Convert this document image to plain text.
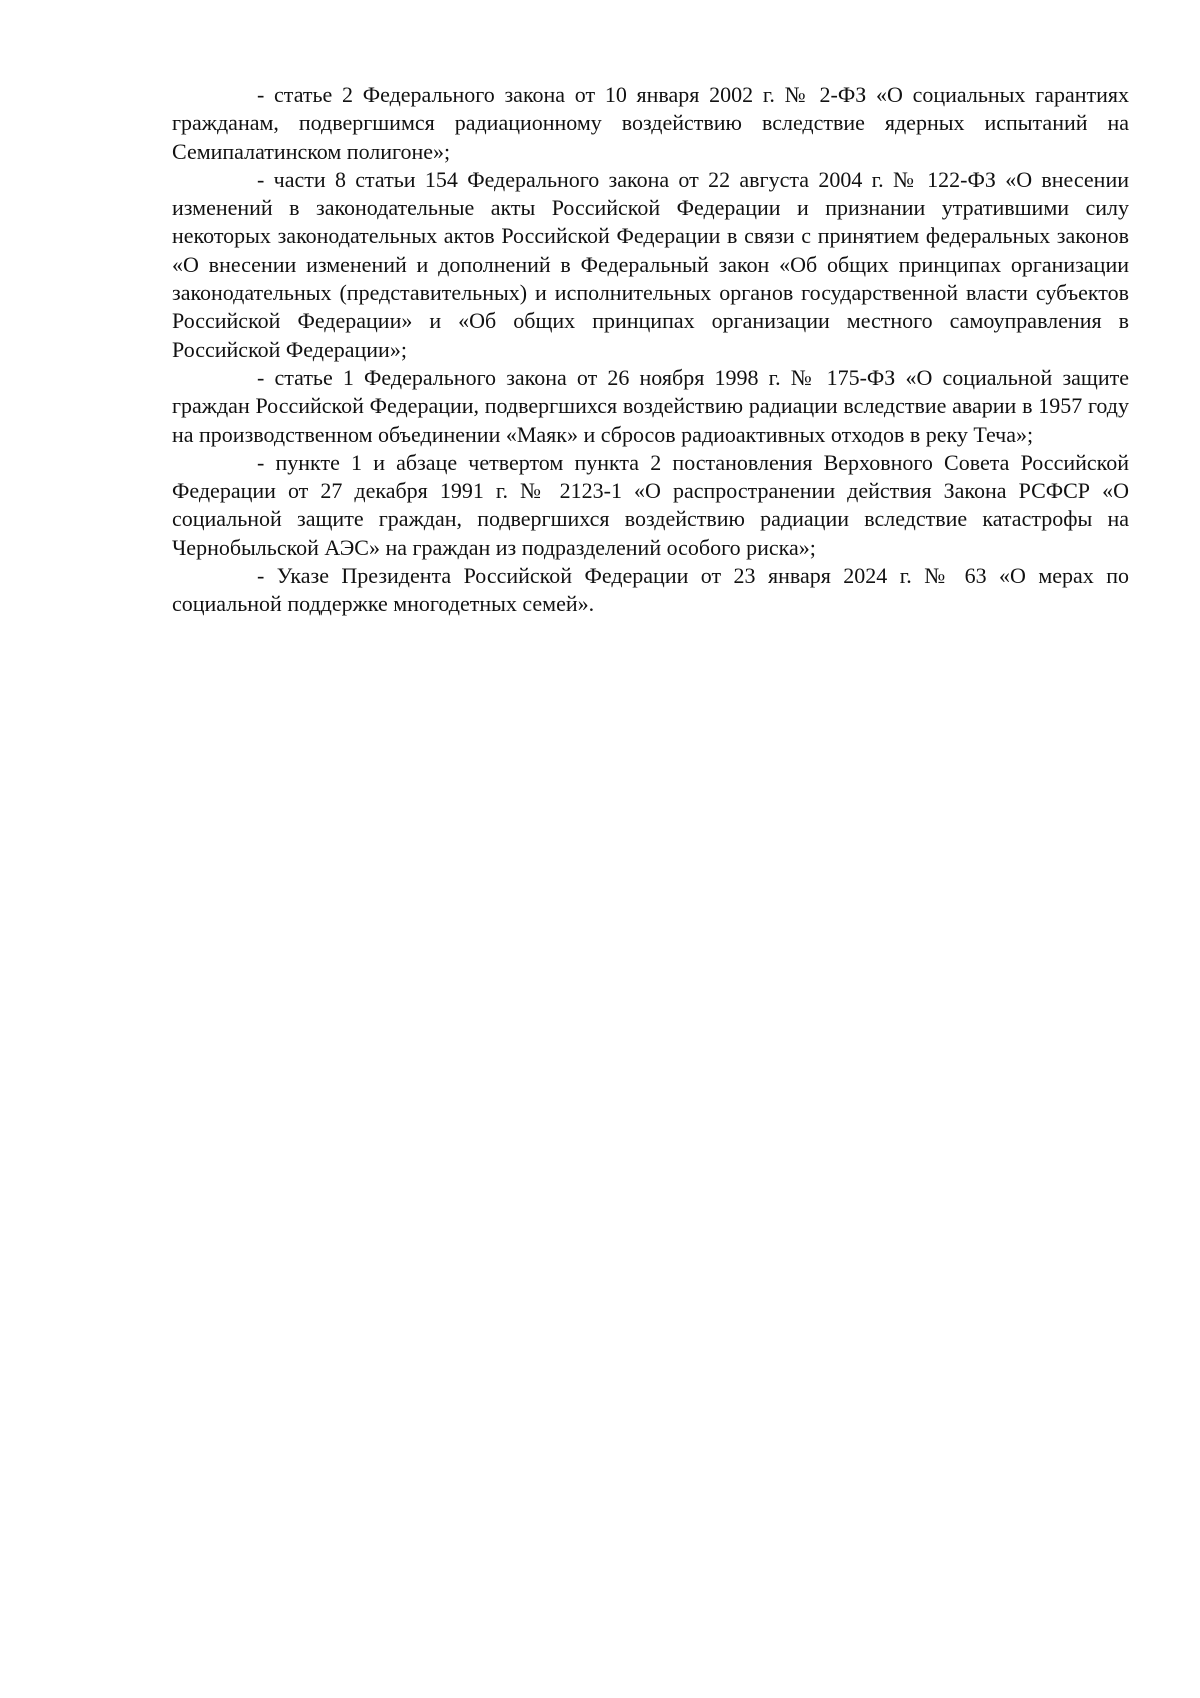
- статье 2 Федерального закона от 10 января 2002 г. № 2-ФЗ «О социальных гарантиях гражданам, подвергшимся радиационному воздействию вследствие ядерных испытаний на Семипалатинском полигоне»;

- части 8 статьи 154 Федерального закона от 22 августа 2004 г. № 122-ФЗ «О внесении изменений в законодательные акты Российской Федерации и признании утратившими силу некоторых законодательных актов Российской Федерации в связи с принятием федеральных законов «О внесении изменений и дополнений в Федеральный закон «Об общих принципах организации законодательных (представительных) и исполнительных органов государственной власти субъектов Российской Федерации» и «Об общих принципах организации местного самоуправления в Российской Федерации»;

- статье 1 Федерального закона от 26 ноября 1998 г. № 175-ФЗ «О социальной защите граждан Российской Федерации, подвергшихся воздействию радиации вследствие аварии в 1957 году на производственном объединении «Маяк» и сбросов радиоактивных отходов в реку Теча»;

- пункте 1 и абзаце четвертом пункта 2 постановления Верховного Совета Российской Федерации от 27 декабря 1991 г. № 2123-1 «О распространении действия Закона РСФСР «О социальной защите граждан, подвергшихся воздействию радиации вследствие катастрофы на Чернобыльской АЭС» на граждан из подразделений особого риска»;

- Указе Президента Российской Федерации от 23 января 2024 г. № 63 «О мерах по социальной поддержке многодетных семей».
